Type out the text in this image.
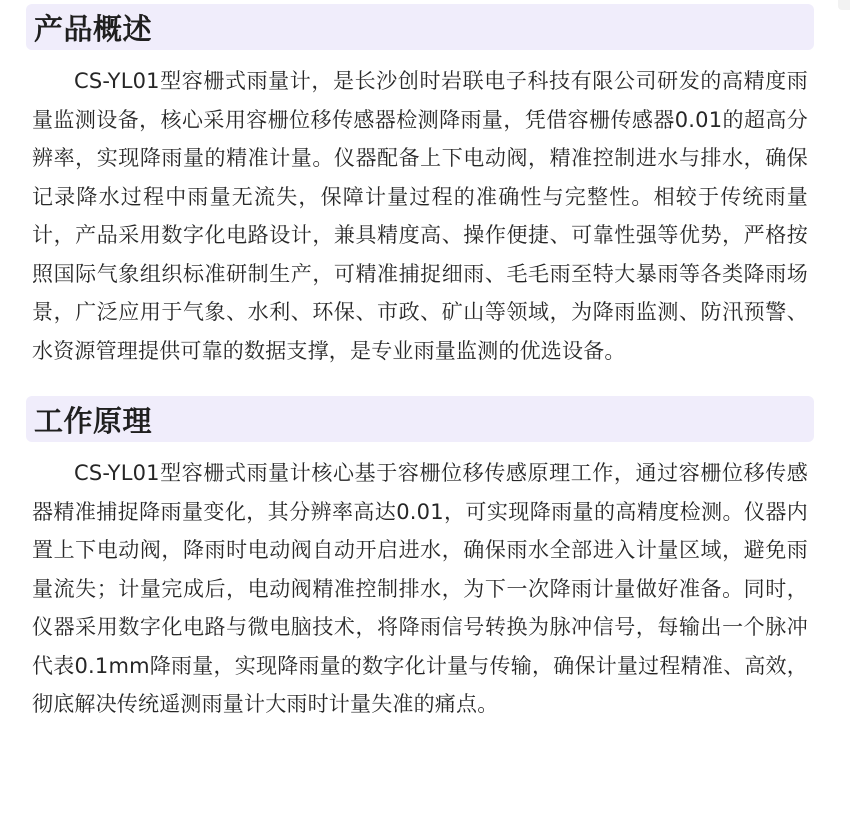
产品概述

CS-YL01型容栅式雨量计，是长沙创时岩联电子科技有限公司研发的高精度雨量监测设备，核心采用容栅位移传感器检测降雨量，凭借容栅传感器0.01的超高分辨率，实现降雨量的精准计量。仪器配备上下电动阀，精准控制进水与排水，确保记录降水过程中雨量无流失，保障计量过程的准确性与完整性。相较于传统雨量计，产品采用数字化电路设计，兼具精度高、操作便捷、可靠性强等优势，严格按照国际气象组织标准研制生产，可精准捕捉细雨、毛毛雨至特大暴雨等各类降雨场景，广泛应用于气象、水利、环保、市政、矿山等领域，为降雨监测、防汛预警、水资源管理提供可靠的数据支撑，是专业雨量监测的优选设备。

工作原理

CS-YL01型容栅式雨量计核心基于容栅位移传感原理工作，通过容栅位移传感器精准捕捉降雨量变化，其分辨率高达0.01，可实现降雨量的高精度检测。仪器内置上下电动阀，降雨时电动阀自动开启进水，确保雨水全部进入计量区域，避免雨量流失；计量完成后，电动阀精准控制排水，为下一次降雨计量做好准备。同时，仪器采用数字化电路与微电脑技术，将降雨信号转换为脉冲信号，每输出一个脉冲代表0.1mm降雨量，实现降雨量的数字化计量与传输，确保计量过程精准、高效，彻底解决传统遥测雨量计大雨时计量失准的痛点。
